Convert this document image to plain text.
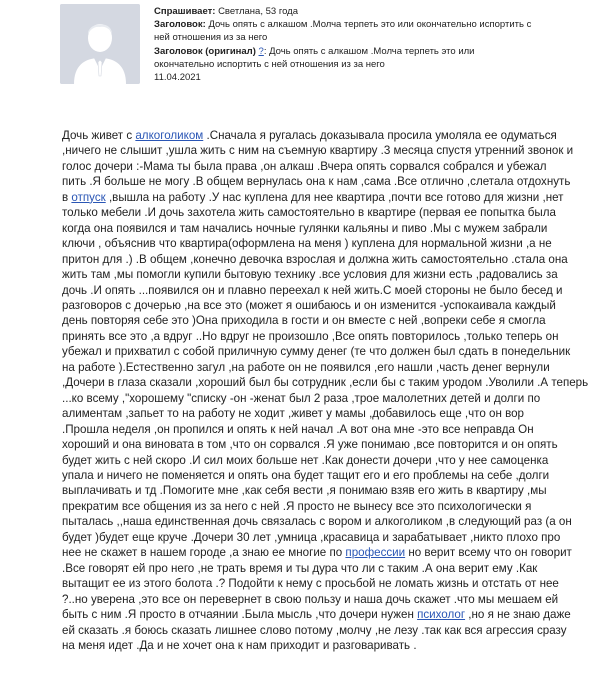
Спрашивает: Светлана, 53 года
Заголовок: Дочь опять с алкашом .Молча терпеть это или окончательно испортить с
ней отношения из за него
Заголовок (оригинал) ?: Дочь опять с алкашом .Молча терпеть это или
окончательно испортить с ней отношения из за него
11.04.2021
Дочь живет с алкоголиком .Сначала я ругалась доказывала просила умоляла ее одуматься
,ничего не слышит ,ушла жить с ним на съемную квартиру .3 месяца спустя утренний звонок и
голос дочери :-Мама ты была права ,он алкаш .Вчера опять сорвался собрался и убежал
пить .Я больше не могу .В общем вернулась она к нам ,сама .Все отлично ,слетала отдохнуть
в отпуск ,вышла на работу .У нас куплена для нее квартира ,почти все готово для жизни ,нет
только мебели .И дочь захотела жить самостоятельно в квартире (первая ее попытка была
когда она появился и там начались ночные гулянки кальяны и пиво .Мы с мужем забрали
ключи , объяснив что квартира(оформлена на меня ) куплена для нормальной жизни ,а не
притон для .) .В общем ,конечно девочка взрослая и должна жить самостоятельно .стала она
жить там ,мы помогли купили бытовую технику .все условия для жизни есть ,радовались за
дочь .И опять ...появился он и плавно переехал к ней жить.С моей стороны не было бесед и
разговоров с дочерью ,на все это (может я ошибаюсь и он изменится -успокаивала каждый
день повторяя себе это )Она приходила в гости и он вместе с ней ,вопреки себе я смогла
принять все это ,а вдруг ..Но вдруг не произошло ,Все опять повторилось ,только теперь он
убежал и прихватил с собой приличную сумму денег (те что должен был сдать в понедельник
на работе ).Естественно загул ,на работе он не появился ,его нашли ,часть денег вернули
,Дочери в глаза сказали ,хороший был бы сотрудник ,если бы с таким уродом .Уволили .А теперь
...ко всему ,"хорошему "списку -он -женат был 2 раза ,трое малолетних детей и долги по
алиментам ,запьет то на работу не ходит ,живет у мамы ,добавилось еще ,что он вор
.Прошла неделя ,он пропился и опять к ней начал .А вот она мне -это все неправда Он
хороший и она виновата в том ,что он сорвался .Я уже понимаю ,все повторится и он опять
будет жить с ней скоро .И сил моих больше нет .Как донести дочери ,что у нее самоценка
упала и ничего не поменяется и опять она будет тащит его и его проблемы на себе ,долги
выплачивать и тд .Помогите мне ,как себя вести ,я понимаю взяв его жить в квартиру ,мы
прекратим все общения из за него с ней .Я просто не вынесу все это психологически я
пыталась ,,наша единственная дочь связалась с вором и алкоголиком ,в следующий раз (а он
будет )будет еще круче .Дочери 30 лет ,умница ,красавица и зарабатывает ,никто плохо про
нее не скажет в нашем городе ,а знаю ее многие по профессии но верит всему что он говорит
.Все говорят ей про него ,не трать время и ты дура что ли с таким .А она верит ему .Как
вытащит ее из этого болота .? Подойти к нему с просьбой не ломать жизнь и отстать от нее
?..но уверена ,это все он перевернет в свою пользу и наша дочь скажет .что мы мешаем ей
быть с ним .Я просто в отчаянии .Была мысль ,что дочери нужен психолог ,но я не знаю даже
ей сказать .я боюсь сказать лишнее слово потому ,молчу ,не лезу .так как вся агрессия сразу
на меня идет .Да и не хочет она к нам приходит и разговаривать .
